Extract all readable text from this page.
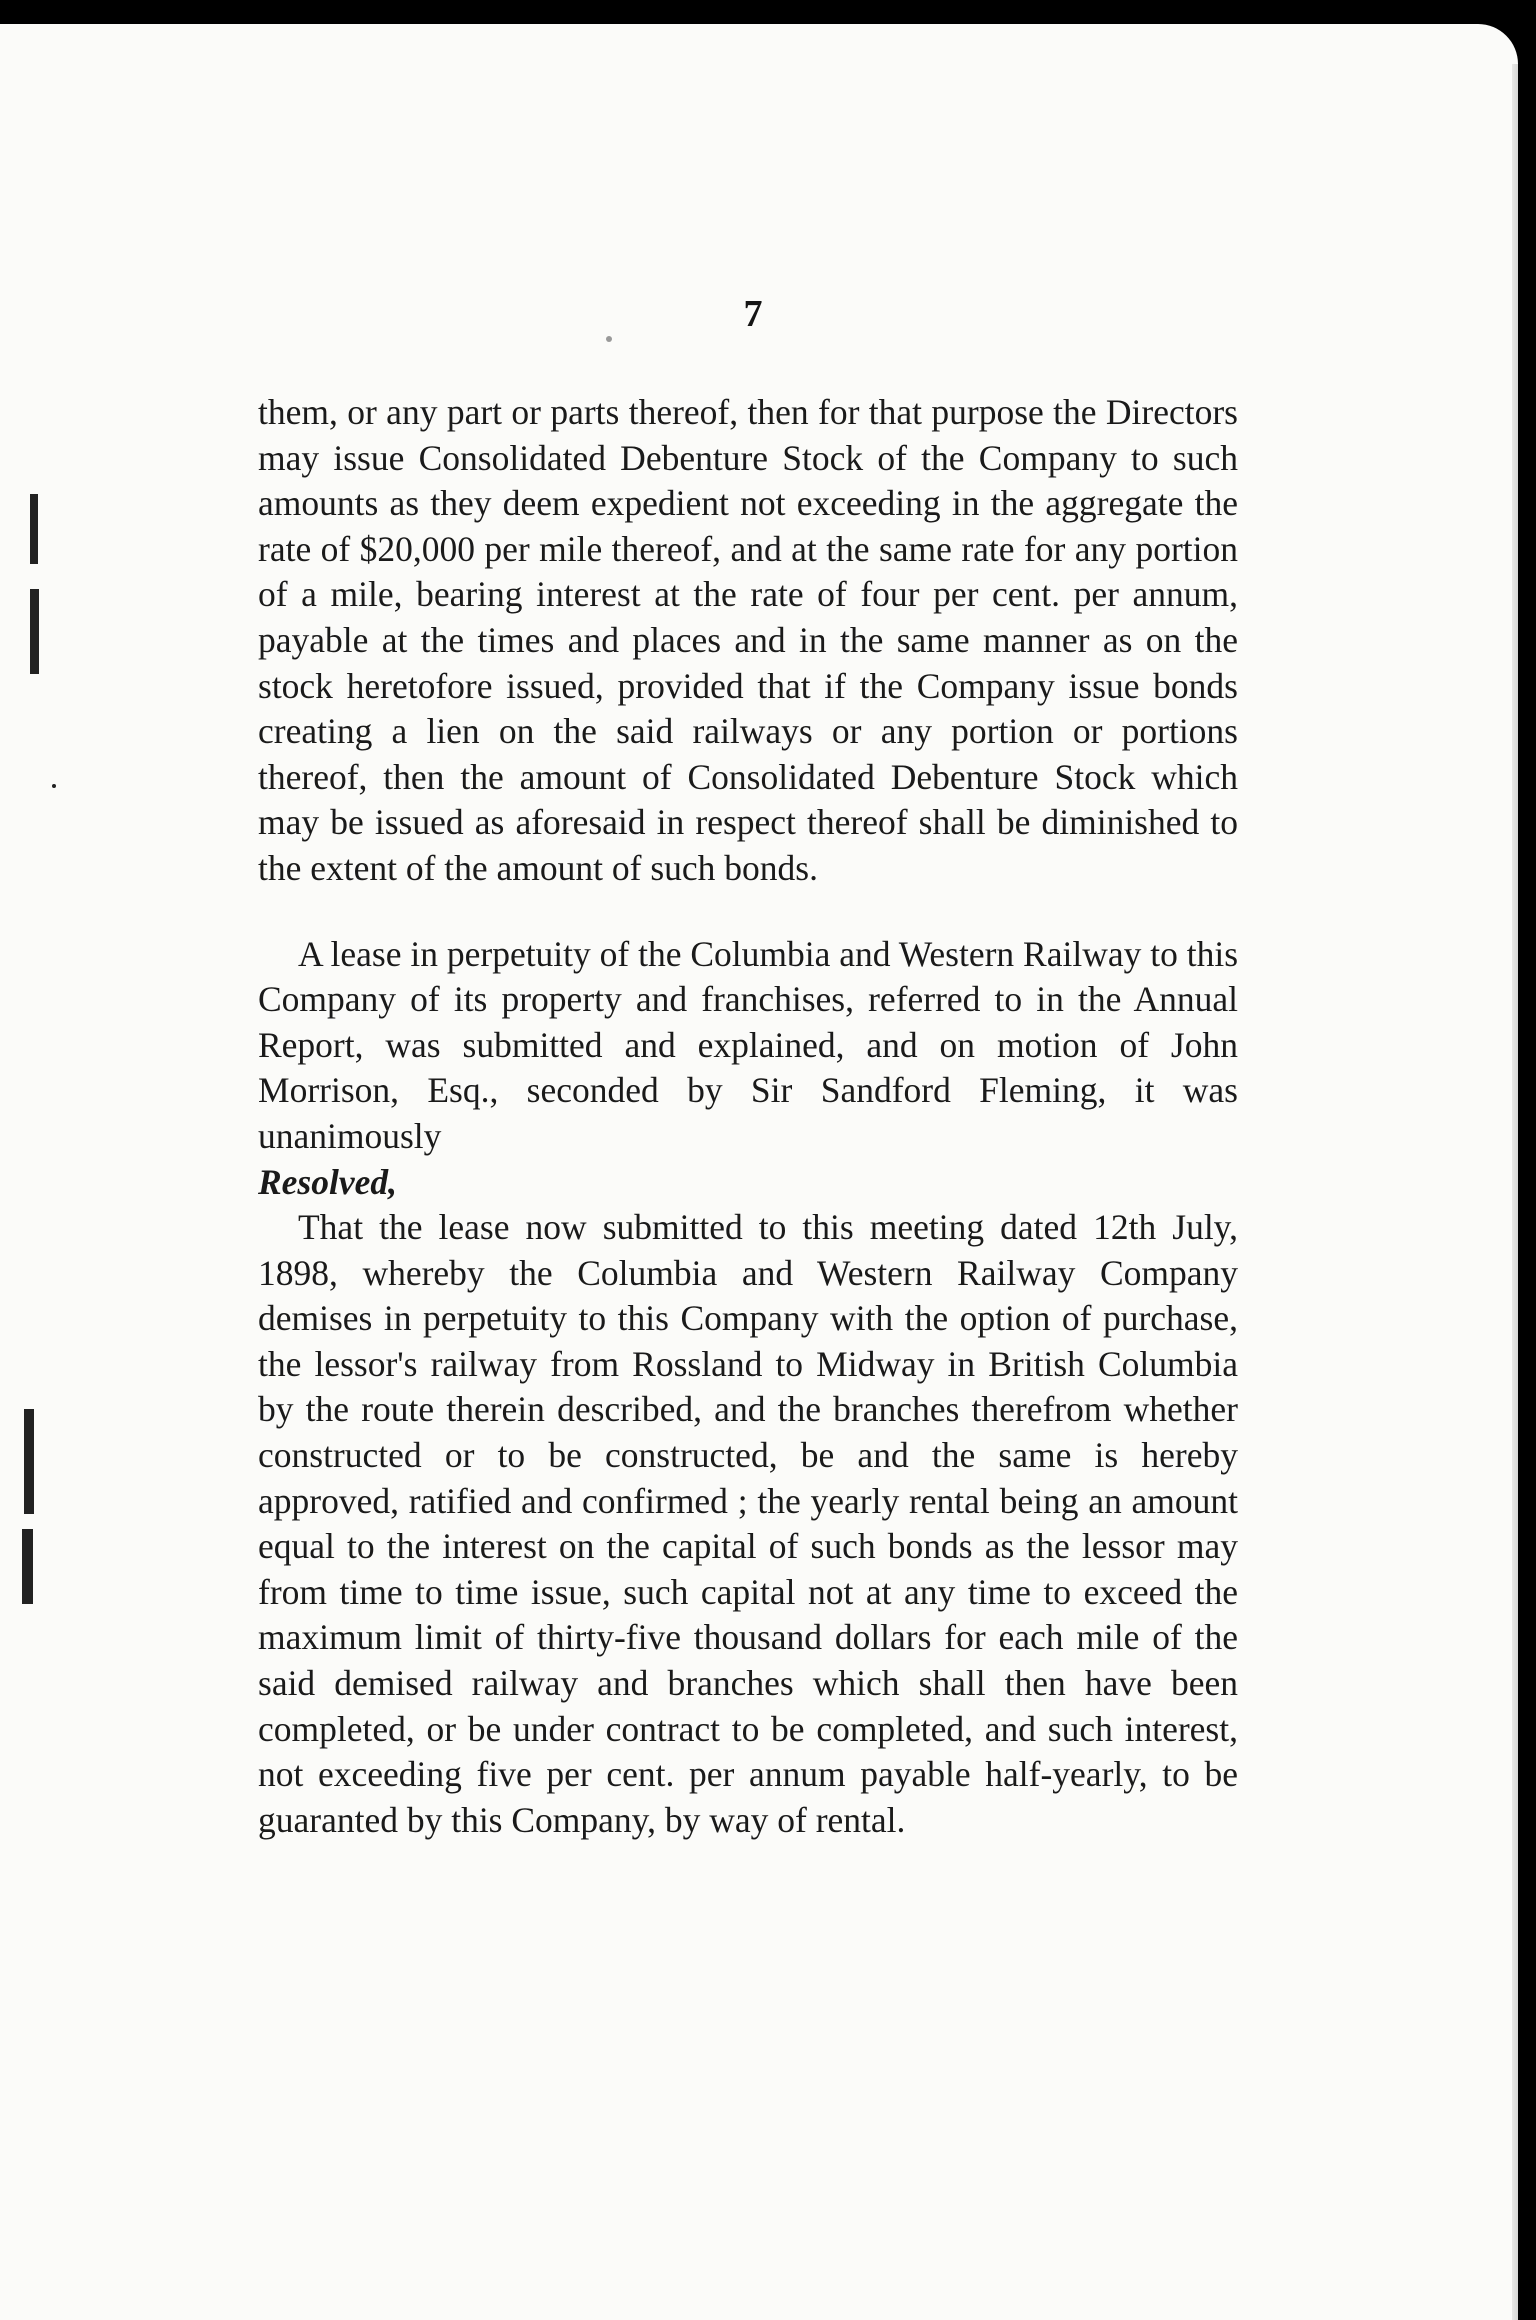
7

them, or any part or parts thereof, then for that purpose the Directors may issue Consolidated Debenture Stock of the Company to such amounts as they deem expedient not exceeding in the aggregate the rate of $20,000 per mile thereof, and at the same rate for any portion of a mile, bearing interest at the rate of four per cent. per annum, payable at the times and places and in the same manner as on the stock heretofore issued, provided that if the Company issue bonds creating a lien on the said railways or any portion or portions thereof, then the amount of Consolidated Debenture Stock which may be issued as aforesaid in respect thereof shall be diminished to the extent of the amount of such bonds.

A lease in perpetuity of the Columbia and Western Railway to this Company of its property and franchises, referred to in the Annual Report, was submitted and explained, and on motion of John Morrison, Esq., seconded by Sir Sandford Fleming, it was unanimously

Resolved,

That the lease now submitted to this meeting dated 12th July, 1898, whereby the Columbia and Western Railway Company demises in perpetuity to this Company with the option of purchase, the lessor's railway from Rossland to Midway in British Columbia by the route therein described, and the branches therefrom whether constructed or to be constructed, be and the same is hereby approved, ratified and confirmed ; the yearly rental being an amount equal to the interest on the capital of such bonds as the lessor may from time to time issue, such capital not at any time to exceed the maximum limit of thirty-five thousand dollars for each mile of the said demised railway and branches which shall then have been completed, or be under contract to be completed, and such interest, not exceeding five per cent. per annum payable half-yearly, to be guaranted by this Company, by way of rental.
